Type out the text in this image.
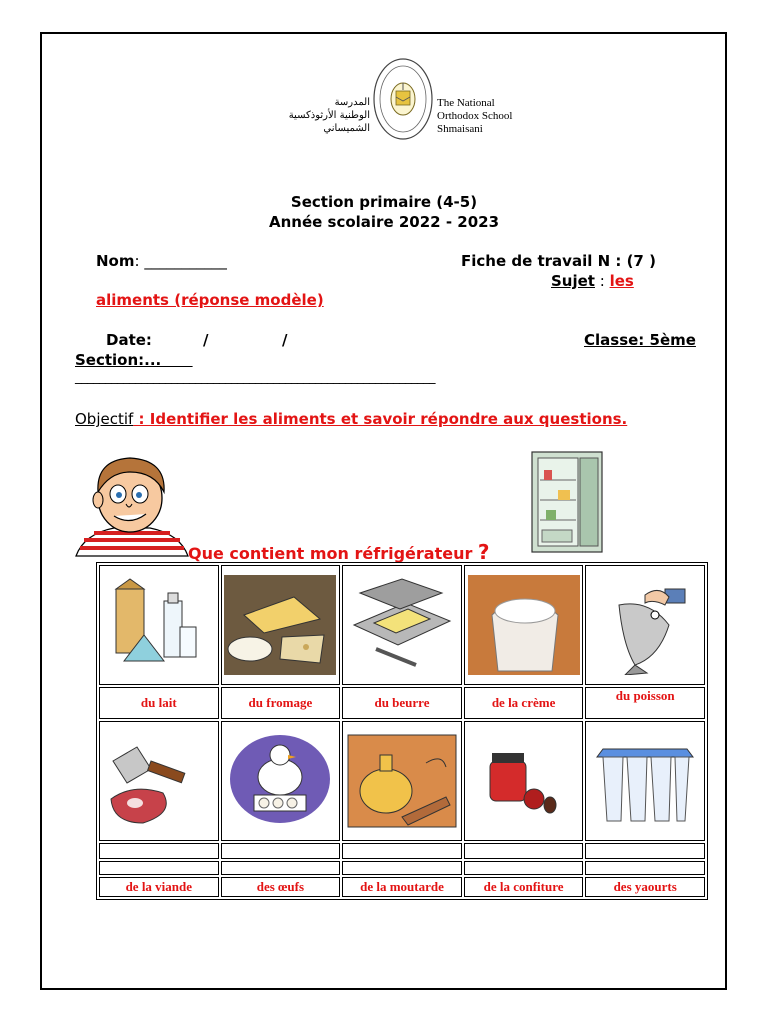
المدرسة
الوطنية الأرثوذكسية
الشميساني
The National
Orthodox School
Shmaisani
Section primaire (4-5)
Année scolaire 2022 - 2023
Nom: ___________	Fiche de travail N : (7 )
Sujet : les
aliments (réponse modèle)
Date:	/	/	Classe: 5ème
Section:...
____________________________________________________________
Objectif : Identifier les aliments et savoir répondre aux questions.
Que contient mon réfrigérateur ?

du lait	du fromage	du beurre	de la crème	du poisson

de la viande	des œufs	de la moutarde	de la confiture	des yaourts
